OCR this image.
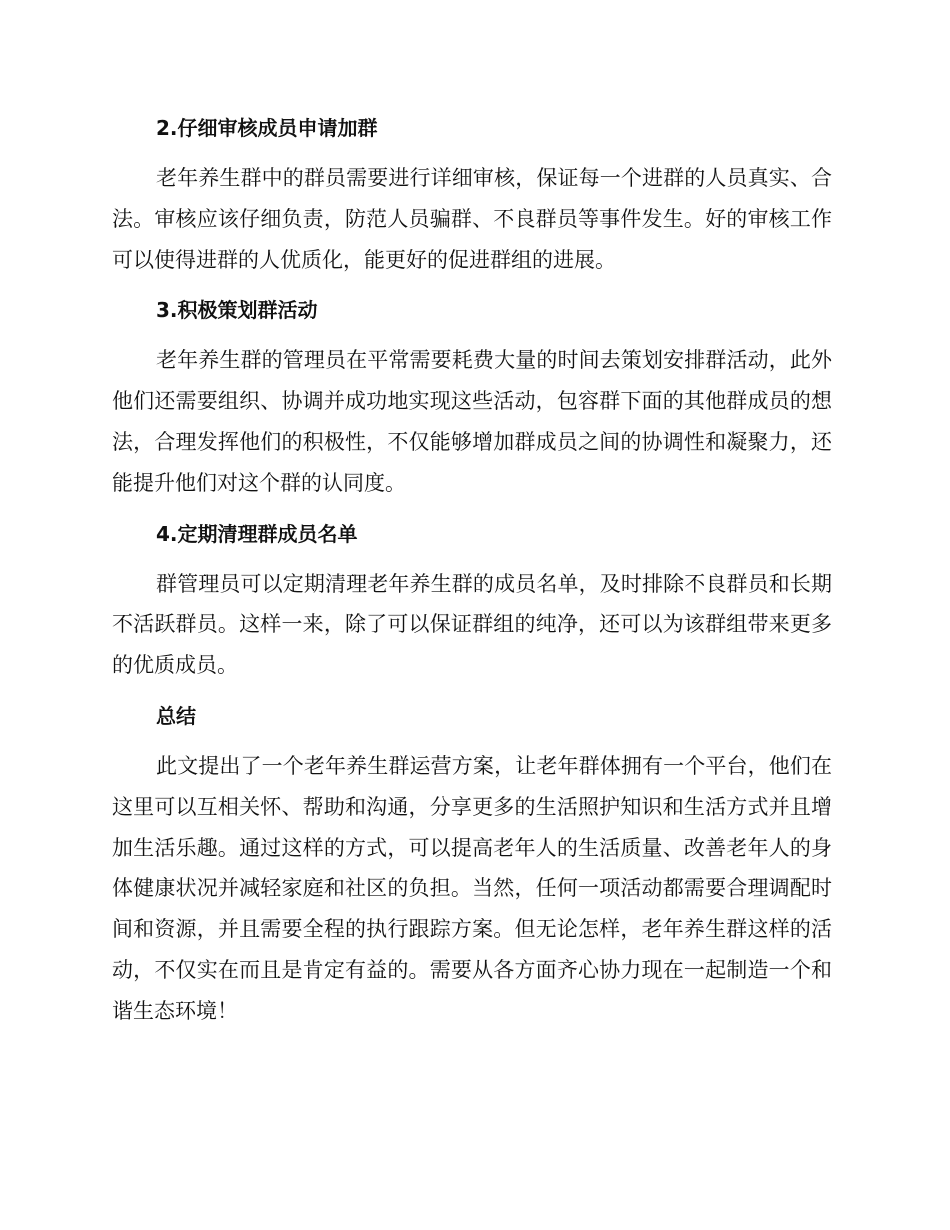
2.仔细审核成员申请加群

老年养生群中的群员需要进行详细审核，保证每一个进群的人员真实、合法。审核应该仔细负责，防范人员骗群、不良群员等事件发生。好的审核工作可以使得进群的人优质化，能更好的促进群组的进展。

3.积极策划群活动

老年养生群的管理员在平常需要耗费大量的时间去策划安排群活动，此外他们还需要组织、协调并成功地实现这些活动，包容群下面的其他群成员的想法，合理发挥他们的积极性，不仅能够增加群成员之间的协调性和凝聚力，还能提升他们对这个群的认同度。

4.定期清理群成员名单

群管理员可以定期清理老年养生群的成员名单，及时排除不良群员和长期不活跃群员。这样一来，除了可以保证群组的纯净，还可以为该群组带来更多的优质成员。

总结

此文提出了一个老年养生群运营方案，让老年群体拥有一个平台，他们在这里可以互相关怀、帮助和沟通，分享更多的生活照护知识和生活方式并且增加生活乐趣。通过这样的方式，可以提高老年人的生活质量、改善老年人的身体健康状况并减轻家庭和社区的负担。当然，任何一项活动都需要合理调配时间和资源，并且需要全程的执行跟踪方案。但无论怎样，老年养生群这样的活动，不仅实在而且是肯定有益的。需要从各方面齐心协力现在一起制造一个和谐生态环境！
